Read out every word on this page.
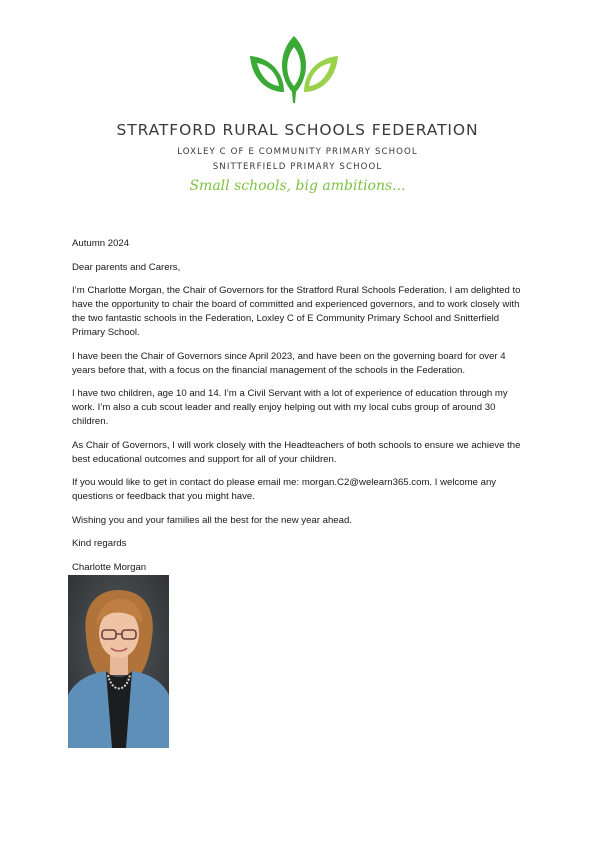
STRATFORD RURAL SCHOOLS FEDERATION
LOXLEY C OF E COMMUNITY PRIMARY SCHOOL
SNITTERFIELD PRIMARY SCHOOL
Small schools, big ambitions...

Autumn 2024

Dear parents and Carers,

I’m Charlotte Morgan, the Chair of Governors for the Stratford Rural Schools Federation. I am delighted to have the opportunity to chair the board of committed and experienced governors, and to work closely with the two fantastic schools in the Federation, Loxley C of E Community Primary School and Snitterfield Primary School.

I have been the Chair of Governors since April 2023, and have been on the governing board for over 4 years before that, with a focus on the financial management of the schools in the Federation.

I have two children, age 10 and 14. I’m a Civil Servant with a lot of experience of education through my work. I’m also a cub scout leader and really enjoy helping out with my local cubs group of around 30 children.

As Chair of Governors, I will work closely with the Headteachers of both schools to ensure we achieve the best educational outcomes and support for all of your children.

If you would like to get in contact do please email me: morgan.C2@welearn365.com. I welcome any questions or feedback that you might have.

Wishing you and your families all the best for the new year ahead.

Kind regards

Charlotte Morgan
